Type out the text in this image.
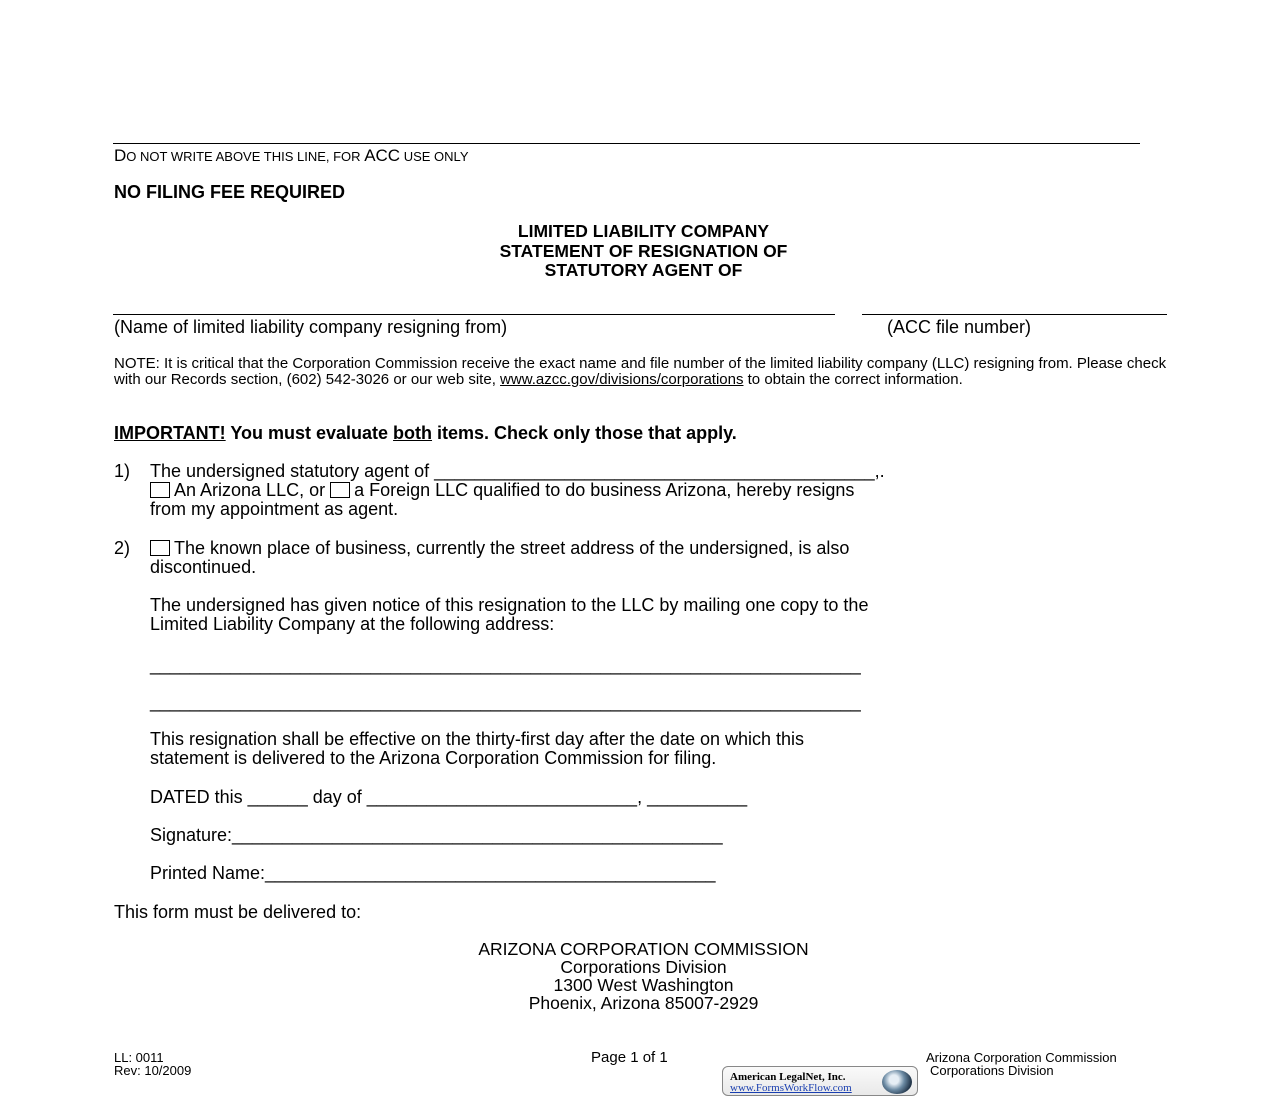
DO NOT WRITE ABOVE THIS LINE, FOR ACC USE ONLY
NO FILING FEE REQUIRED
LIMITED LIABILITY COMPANY
STATEMENT OF RESIGNATION OF
STATUTORY AGENT OF
(Name of limited liability company resigning from)	(ACC file number)
NOTE: It is critical that the Corporation Commission receive the exact name and file number of the limited liability company (LLC) resigning from. Please check with our Records section, (602) 542-3026 or our web site, www.azcc.gov/divisions/corporations to obtain the correct information.
IMPORTANT! You must evaluate both items. Check only those that apply.
1) The undersigned statutory agent of ____________________________________________,.
An Arizona LLC, or a Foreign LLC qualified to do business Arizona, hereby resigns
from my appointment as agent.
2)	The known place of business, currently the street address of the undersigned, is also
discontinued.
The undersigned has given notice of this resignation to the LLC by mailing one copy to the
Limited Liability Company at the following address:
_______________________________________________________________________
_______________________________________________________________________
This resignation shall be effective on the thirty-first day after the date on which this
statement is delivered to the Arizona Corporation Commission for filing.
DATED this ______ day of ___________________________, __________
Signature:_________________________________________________
Printed Name:_____________________________________________
This form must be delivered to:
ARIZONA CORPORATION COMMISSION
Corporations Division
1300 West Washington
Phoenix, Arizona 85007-2929
LL: 0011
Rev: 10/2009
Page 1 of 1	Arizona Corporation Commission
Corporations Division
American LegalNet, Inc.
www.FormsWorkFlow.com
